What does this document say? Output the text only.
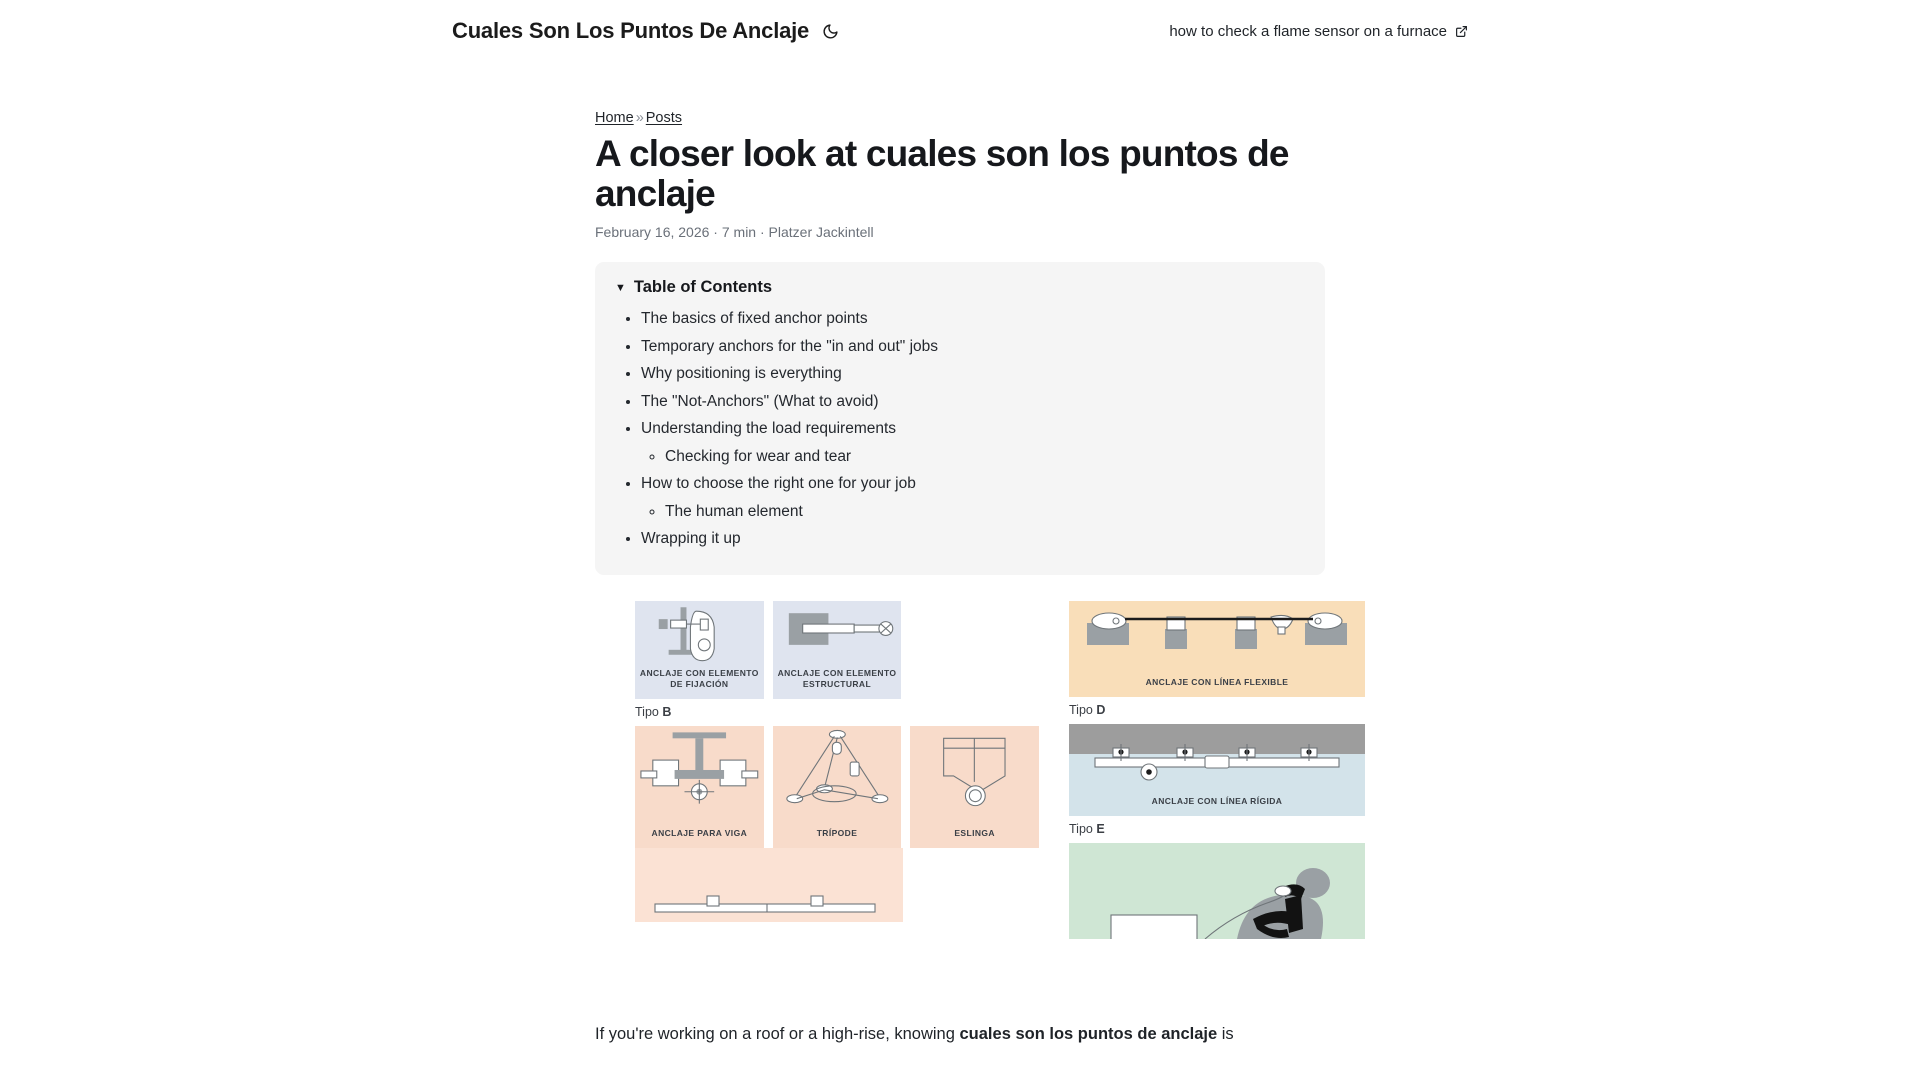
Cuales Son Los Puntos De Anclaje	how to check a flame sensor on a furnace
Home » Posts
A closer look at cuales son los puntos de anclaje
February 16, 2026 · 7 min · Platzer Jackintell
▼ Table of Contents
• The basics of fixed anchor points
• Temporary anchors for the "in and out" jobs
• Why positioning is everything
• The "Not-Anchors" (What to avoid)
• Understanding the load requirements
◦ Checking for wear and tear
• How to choose the right one for your job
◦ The human element
• Wrapping it up
ANCLAJE CON ELEMENTO DE FIJACIÓN
ANCLAJE CON ELEMENTO ESTRUCTURAL
Tipo B
ANCLAJE PARA VIGA	TRÍPODE	ESLINGA
ANCLAJE CON LÍNEA FLEXIBLE
Tipo D
ANCLAJE CON LÍNEA RÍGIDA
Tipo E

If you're working on a roof or a high-rise, knowing cuales son los puntos de anclaje is
